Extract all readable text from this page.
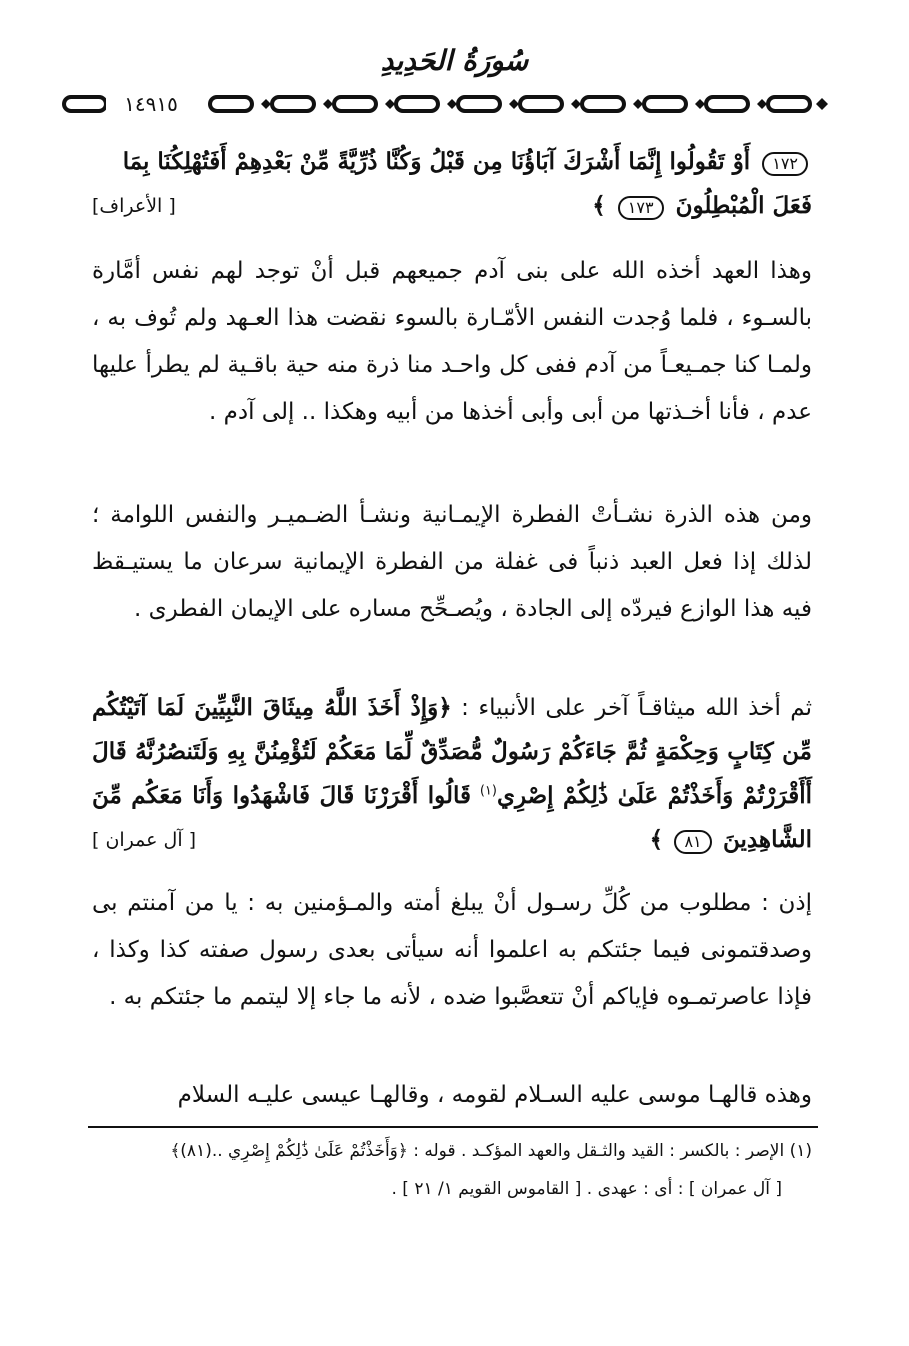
سُورَةُ الحَدِيدِ
١٤٩١٥
١٧٢ أَوْ تَقُولُوا إِنَّمَا أَشْرَكَ آبَاؤُنَا مِن قَبْلُ وَكُنَّا ذُرِّيَّةً مِّنْ بَعْدِهِمْ أَفَتُهْلِكُنَا بِمَا
فَعَلَ الْمُبْطِلُونَ ١٧٣ ﴾
[ الأعراف]
وهذا العهد أخذه الله على بنى آدم جميعهم قبل أنْ توجد لهم نفس أمَّارة بالسـوء ، فلما وُجدت النفس الأمّـارة بالسوء نقضت هذا العـهد ولم تُوف به ، ولمـا كنا جمـيعـاً من آدم ففى كل واحـد منا ذرة منه حية باقـية لم يطرأ عليها عدم ، فأنا أخـذتها من أبى وأبى أخذها من أبيه وهكذا .. إلى آدم .
ومن هذه الذرة نشـأتْ الفطرة الإيمـانية ونشـأ الضـميـر والنفس اللوامة ؛ لذلك إذا فعل العبد ذنباً فى غفلة من الفطرة الإيمانية سرعان ما يستيـقظ فيه هذا الوازع فيردّه إلى الجادة ، ويُصـحِّح مساره على الإيمان الفطرى .
ثم أخذ الله ميثاقـاً آخر على الأنبياء : ﴿وَإِذْ أَخَذَ اللَّهُ مِيثَاقَ النَّبِيِّينَ لَمَا آتَيْتُكُم مِّن كِتَابٍ وَحِكْمَةٍ ثُمَّ جَاءَكُمْ رَسُولٌ مُّصَدِّقٌ لِّمَا مَعَكُمْ لَتُؤْمِنُنَّ بِهِ وَلَتَنصُرُنَّهُ قَالَ أَأَقْرَرْتُمْ وَأَخَذْتُمْ عَلَىٰ ذَٰلِكُمْ إِصْرِي$^{(١)}$ قَالُوا أَقْرَرْنَا قَالَ فَاشْهَدُوا وَأَنَا مَعَكُم مِّنَ الشَّاهِدِينَ ٨١ ﴾
[ آل عمران ]
إذن : مطلوب من كُلِّ رسـول أنْ يبلغ أمته والمـؤمنين به : يا من آمنتم بى وصدقتمونى فيما جئتكم به اعلموا أنه سيأتى بعدى رسول صفته كذا وكذا ، فإذا عاصرتمـوه فإياكم أنْ تتعصَّبوا ضده ، لأنه ما جاء إلا ليتمم ما جئتكم به .
وهذه قالهـا موسى عليه السـلام لقومه ، وقالهـا عيسى عليـه السلام
(١) الإصر : بالكسر : القيد والثـقل والعهد المؤكـد . قوله : ﴿وَأَخَذْتُمْ عَلَىٰ ذَٰلِكُمْ إِصْرِي ..(٨١)﴾
[ آل عمران ] : أى : عهدى . [ القاموس القويم ١/ ٢١ ] .
